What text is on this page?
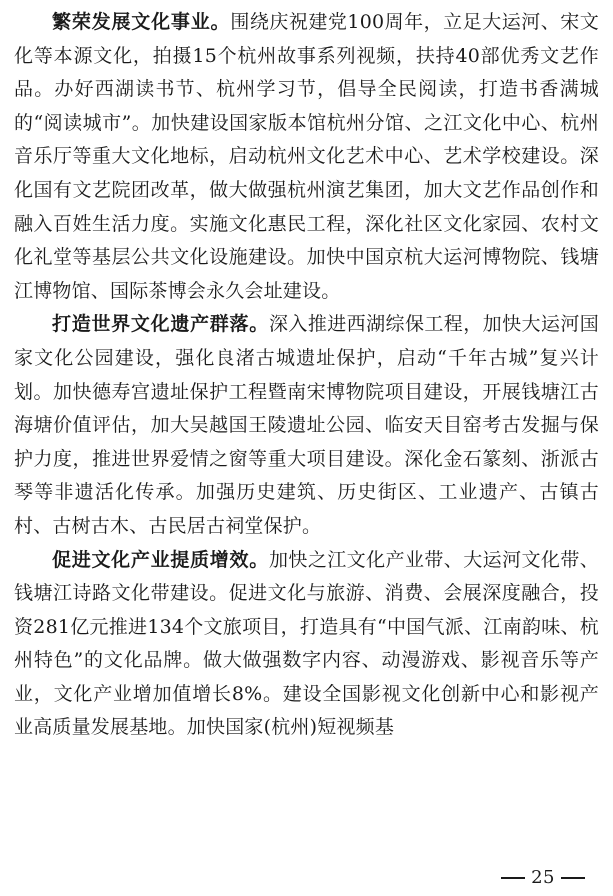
繁荣发展文化事业。围绕庆祝建党100周年，立足大运河、宋文化等本源文化，拍摄15个杭州故事系列视频，扶持40部优秀文艺作品。办好西湖读书节、杭州学习节，倡导全民阅读，打造书香满城的“阅读城市”。加快建设国家版本馆杭州分馆、之江文化中心、杭州音乐厅等重大文化地标，启动杭州文化艺术中心、艺术学校建设。深化国有文艺院团改革，做大做强杭州演艺集团，加大文艺作品创作和融入百姓生活力度。实施文化惠民工程，深化社区文化家园、农村文化礼堂等基层公共文化设施建设。加快中国京杭大运河博物院、钱塘江博物馆、国际茶博会永久会址建设。

打造世界文化遗产群落。深入推进西湖综保工程，加快大运河国家文化公园建设，强化良渚古城遗址保护，启动“千年古城”复兴计划。加快德寿宫遗址保护工程暨南宋博物院项目建设，开展钱塘江古海塘价值评估，加大吴越国王陵遗址公园、临安天目窑考古发掘与保护力度，推进世界爱情之窗等重大项目建设。深化金石篆刻、浙派古琴等非遗活化传承。加强历史建筑、历史街区、工业遗产、古镇古村、古树古木、古民居古祠堂保护。

促进文化产业提质增效。加快之江文化产业带、大运河文化带、钱塘江诗路文化带建设。促进文化与旅游、消费、会展深度融合，投资281亿元推进134个文旅项目，打造具有“中国气派、江南韵味、杭州特色”的文化品牌。做大做强数字内容、动漫游戏、影视音乐等产业，文化产业增加值增长8%。建设全国影视文化创新中心和影视产业高质量发展基地。加快国家(杭州)短视频基

25
